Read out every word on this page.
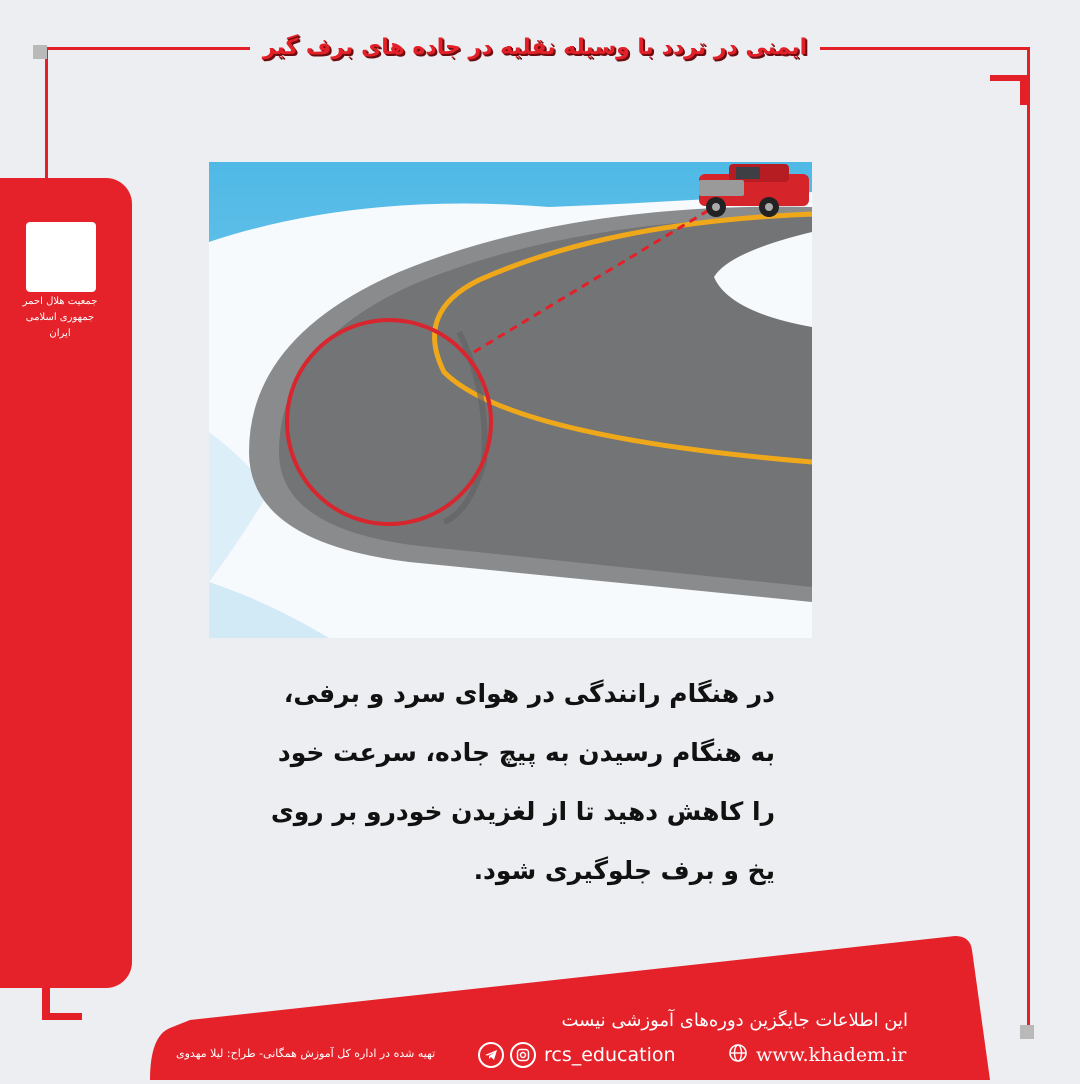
ایمنی در تردد با وسیله نقلیه در جاده های برف گیر
جمعیت هلال احمر
جمهوری اسلامی ایران
در هنگام رانندگی در هوای سرد و برفی،
به هنگام رسیدن به پیچ جاده، سرعت خود
را کاهش دهید تا از لغزیدن خودرو بر روی
یخ و برف جلوگیری شود.
این اطلاعات جایگزین دوره‌های آموزشی نیست
rcs_education	www.khadem.ir
تهیه شده در اداره کل آموزش همگانی- طراح: لیلا مهدوی
